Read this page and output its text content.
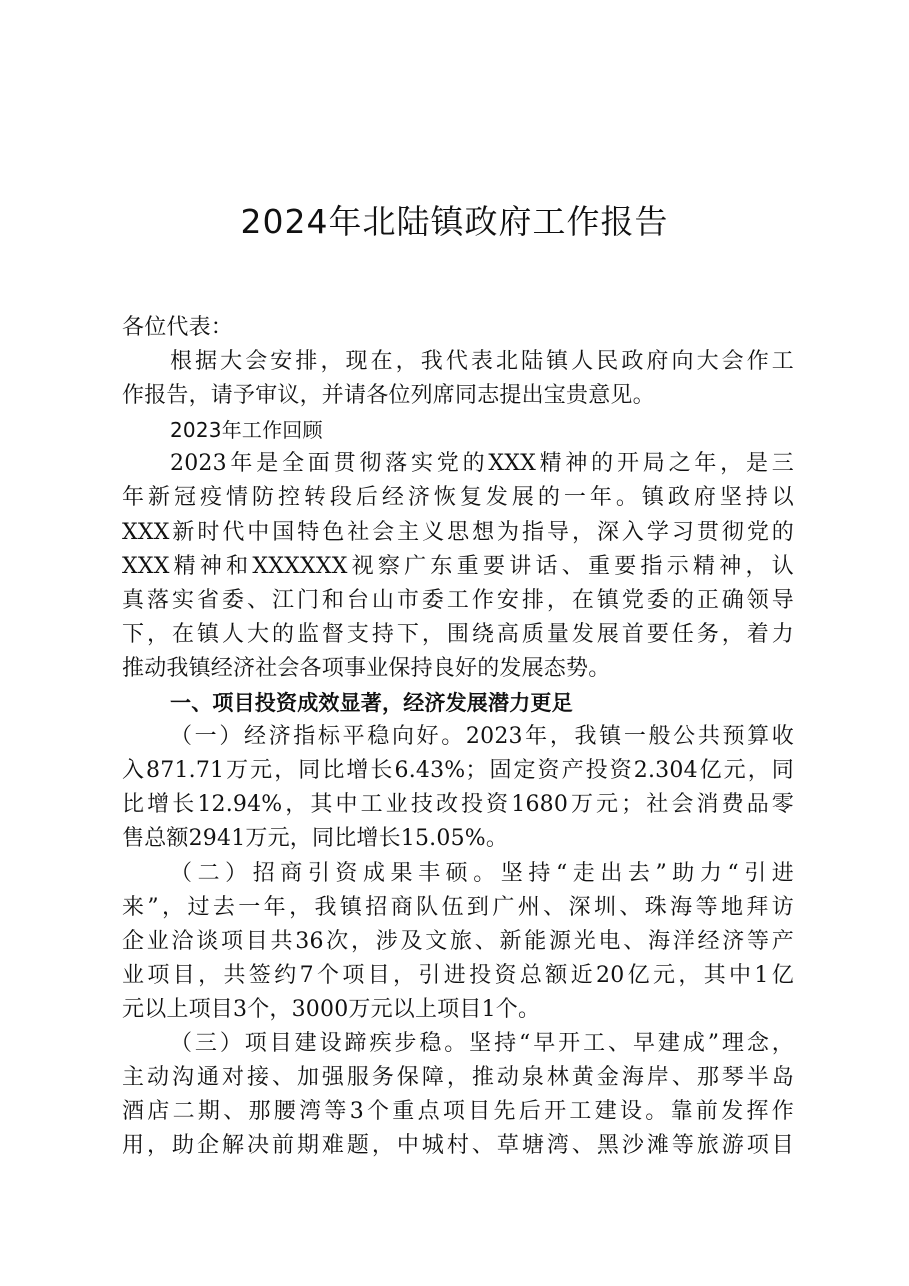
2024年北陆镇政府工作报告
各位代表：
根据大会安排，现在，我代表北陆镇人民政府向大会作工
作报告，请予审议，并请各位列席同志提出宝贵意见。
2023年工作回顾
2023年是全面贯彻落实党的XXX精神的开局之年，是三
年新冠疫情防控转段后经济恢复发展的一年。镇政府坚持以
XXX新时代中国特色社会主义思想为指导，深入学习贯彻党的
XXX精神和XXXXXX视察广东重要讲话、重要指示精神，认
真落实省委、江门和台山市委工作安排，在镇党委的正确领导
下，在镇人大的监督支持下，围绕高质量发展首要任务，着力
推动我镇经济社会各项事业保持良好的发展态势。
一、项目投资成效显著，经济发展潜力更足
（一）经济指标平稳向好。2023年，我镇一般公共预算收
入871.71万元，同比增长6.43%；固定资产投资2.304亿元，同
比增长12.94%，其中工业技改投资1680万元；社会消费品零
售总额2941万元，同比增长15.05%。
（二）招商引资成果丰硕。坚持“走出去”助力“引进
来”，过去一年，我镇招商队伍到广州、深圳、珠海等地拜访
企业洽谈项目共36次，涉及文旅、新能源光电、海洋经济等产
业项目，共签约7个项目，引进投资总额近20亿元，其中1亿
元以上项目3个，3000万元以上项目1个。
（三）项目建设蹄疾步稳。坚持“早开工、早建成”理念，
主动沟通对接、加强服务保障，推动泉林黄金海岸、那琴半岛
酒店二期、那腰湾等3个重点项目先后开工建设。靠前发挥作
用，助企解决前期难题，中城村、草塘湾、黑沙滩等旅游项目
